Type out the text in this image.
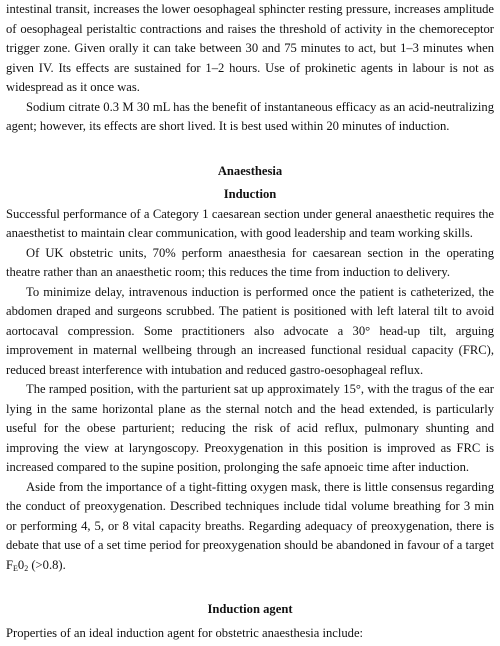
intestinal transit, increases the lower oesophageal sphincter resting pressure, increases amplitude of oesophageal peristaltic contractions and raises the threshold of activity in the chemoreceptor trigger zone. Given orally it can take between 30 and 75 minutes to act, but 1–3 minutes when given IV. Its effects are sustained for 1–2 hours. Use of prokinetic agents in labour is not as widespread as it once was.

Sodium citrate 0.3 M 30 mL has the benefit of instantaneous efficacy as an acid-neutralizing agent; however, its effects are short lived. It is best used within 20 minutes of induction.

Anaesthesia
Induction

Successful performance of a Category 1 caesarean section under general anaesthetic requires the anaesthetist to maintain clear communication, with good leadership and team working skills.

Of UK obstetric units, 70% perform anaesthesia for caesarean section in the operating theatre rather than an anaesthetic room; this reduces the time from induction to delivery.

To minimize delay, intravenous induction is performed once the patient is catheterized, the abdomen draped and surgeons scrubbed. The patient is positioned with left lateral tilt to avoid aortocaval compression. Some practitioners also advocate a 30° head-up tilt, arguing improvement in maternal wellbeing through an increased functional residual capacity (FRC), reduced breast interference with intubation and reduced gastro-oesophageal reflux.

The ramped position, with the parturient sat up approximately 15°, with the tragus of the ear lying in the same horizontal plane as the sternal notch and the head extended, is particularly useful for the obese parturient; reducing the risk of acid reflux, pulmonary shunting and improving the view at laryngoscopy. Preoxygenation in this position is improved as FRC is increased compared to the supine position, prolonging the safe apnoeic time after induction.

Aside from the importance of a tight-fitting oxygen mask, there is little consensus regarding the conduct of preoxygenation. Described techniques include tidal volume breathing for 3 min or performing 4, 5, or 8 vital capacity breaths. Regarding adequacy of preoxygenation, there is debate that use of a set time period for preoxygenation should be abandoned in favour of a target $F_E0_2$ (>0.8).

Induction agent

Properties of an ideal induction agent for obstetric anaesthesia include:
